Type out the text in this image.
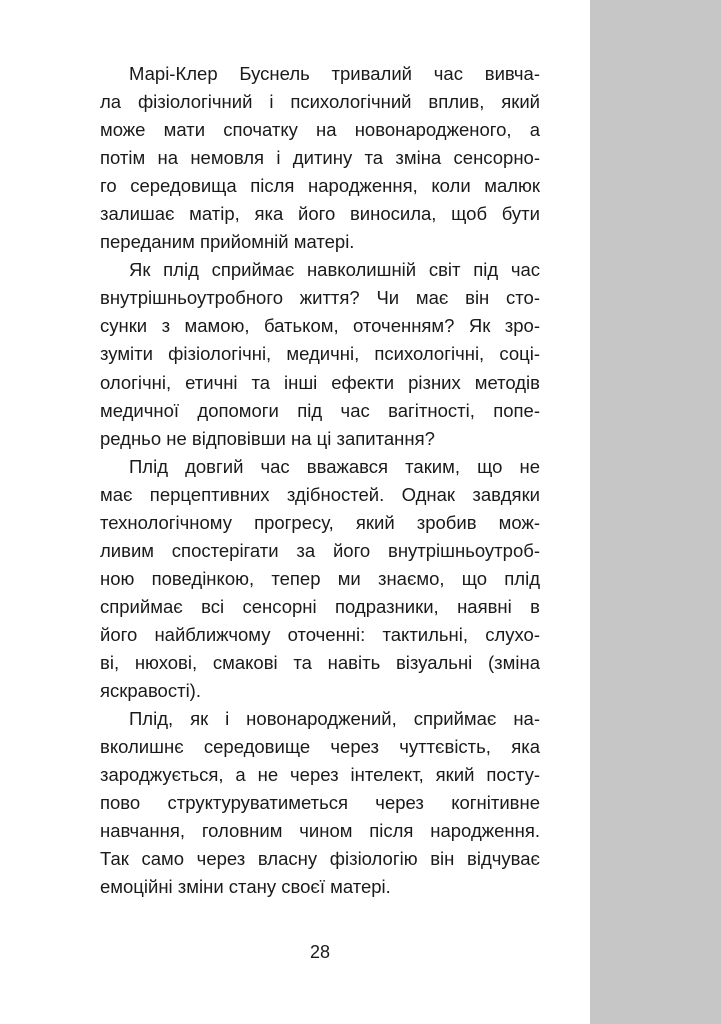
Марі-Клер Буснель тривалий час вивча-
ла фізіологічний і психологічний вплив, який
може мати спочатку на новонародженого, а
потім на немовля і дитину та зміна сенсорно-
го середовища після народження, коли малюк
залишає матір, яка його виносила, щоб бути
переданим прийомній матері.
Як плід сприймає навколишній світ під час
внутрішньоутробного життя? Чи має він сто-
сунки з мамою, батьком, оточенням? Як зро-
зуміти фізіологічні, медичні, психологічні, соці-
ологічні, етичні та інші ефекти різних методів
медичної допомоги під час вагітності, попе-
редньо не відповівши на ці запитання?
Плід довгий час вважався таким, що не
має перцептивних здібностей. Однак завдяки
технологічному прогресу, який зробив мож-
ливим спостерігати за його внутрішньоутроб-
ною поведінкою, тепер ми знаємо, що плід
сприймає всі сенсорні подразники, наявні в
його найближчому оточенні: тактильні, слухо-
ві, нюхові, смакові та навіть візуальні (зміна
яскравості).
Плід, як і новонароджений, сприймає на-
вколишнє середовище через чуттєвість, яка
зароджується, а не через інтелект, який посту-
пово структуруватиметься через когнітивне
навчання, головним чином після народження.
Так само через власну фізіологію він відчуває
емоційні зміни стану своєї матері.
28
